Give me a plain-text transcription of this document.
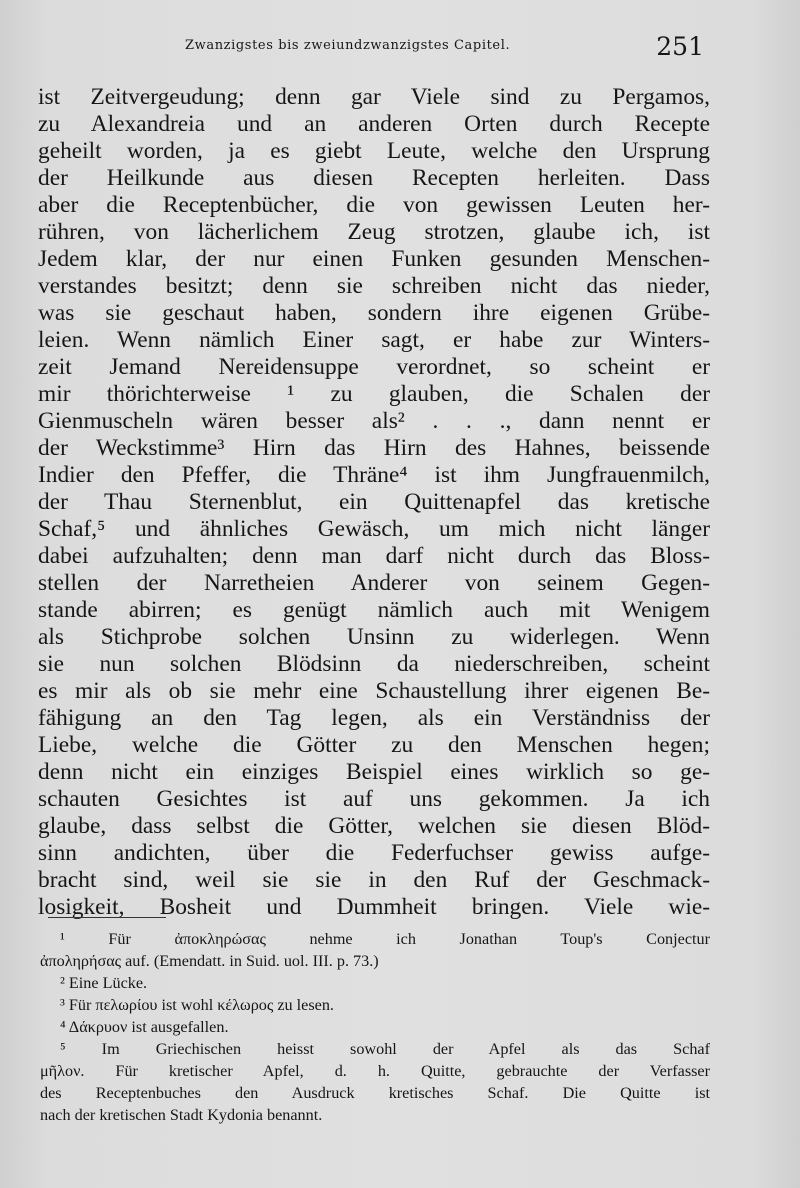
Zwanzigstes bis zweiundzwanzigstes Capitel.	251
ist Zeitvergeudung; denn gar Viele sind zu Pergamos,
zu Alexandreia und an anderen Orten durch Recepte
geheilt worden, ja es giebt Leute, welche den Ursprung
der Heilkunde aus diesen Recepten herleiten. Dass
aber die Receptenbücher, die von gewissen Leuten her-
rühren, von lächerlichem Zeug strotzen, glaube ich, ist
Jedem klar, der nur einen Funken gesunden Menschen-
verstandes besitzt; denn sie schreiben nicht das nieder,
was sie geschaut haben, sondern ihre eigenen Grübe-
leien. Wenn nämlich Einer sagt, er habe zur Winters-
zeit Jemand Nereidensuppe verordnet, so scheint er
mir thörichterweise ¹ zu glauben, die Schalen der
Gienmuscheln wären besser als² . . ., dann nennt er
der Weckstimme³ Hirn das Hirn des Hahnes, beissende
Indier den Pfeffer, die Thräne⁴ ist ihm Jungfrauenmilch,
der Thau Sternenblut, ein Quittenapfel das kretische
Schaf,⁵ und ähnliches Gewäsch, um mich nicht länger
dabei aufzuhalten; denn man darf nicht durch das Bloss-
stellen der Narretheien Anderer von seinem Gegen-
stande abirren; es genügt nämlich auch mit Wenigem
als Stichprobe solchen Unsinn zu widerlegen. Wenn
sie nun solchen Blödsinn da niederschreiben, scheint
es mir als ob sie mehr eine Schaustellung ihrer eigenen Be-
fähigung an den Tag legen, als ein Verständniss der
Liebe, welche die Götter zu den Menschen hegen;
denn nicht ein einziges Beispiel eines wirklich so ge-
schauten Gesichtes ist auf uns gekommen. Ja ich
glaube, dass selbst die Götter, welchen sie diesen Blöd-
sinn andichten, über die Federfuchser gewiss aufge-
bracht sind, weil sie sie in den Ruf der Geschmack-
losigkeit, Bosheit und Dummheit bringen. Viele wie-
¹ Für ἀποκληρώσας nehme ich Jonathan Toup's Conjectur
ἀποληρήσας auf. (Emendatt. in Suid. uol. III. p. 73.)
² Eine Lücke.
³ Für πελωρίου ist wohl κέλωρος zu lesen.
⁴ Δάκρυον ist ausgefallen.
⁵ Im Griechischen heisst sowohl der Apfel als das Schaf
μῆλον. Für kretischer Apfel, d. h. Quitte, gebrauchte der Verfasser
des Receptenbuches den Ausdruck kretisches Schaf. Die Quitte ist
nach der kretischen Stadt Kydonia benannt.
